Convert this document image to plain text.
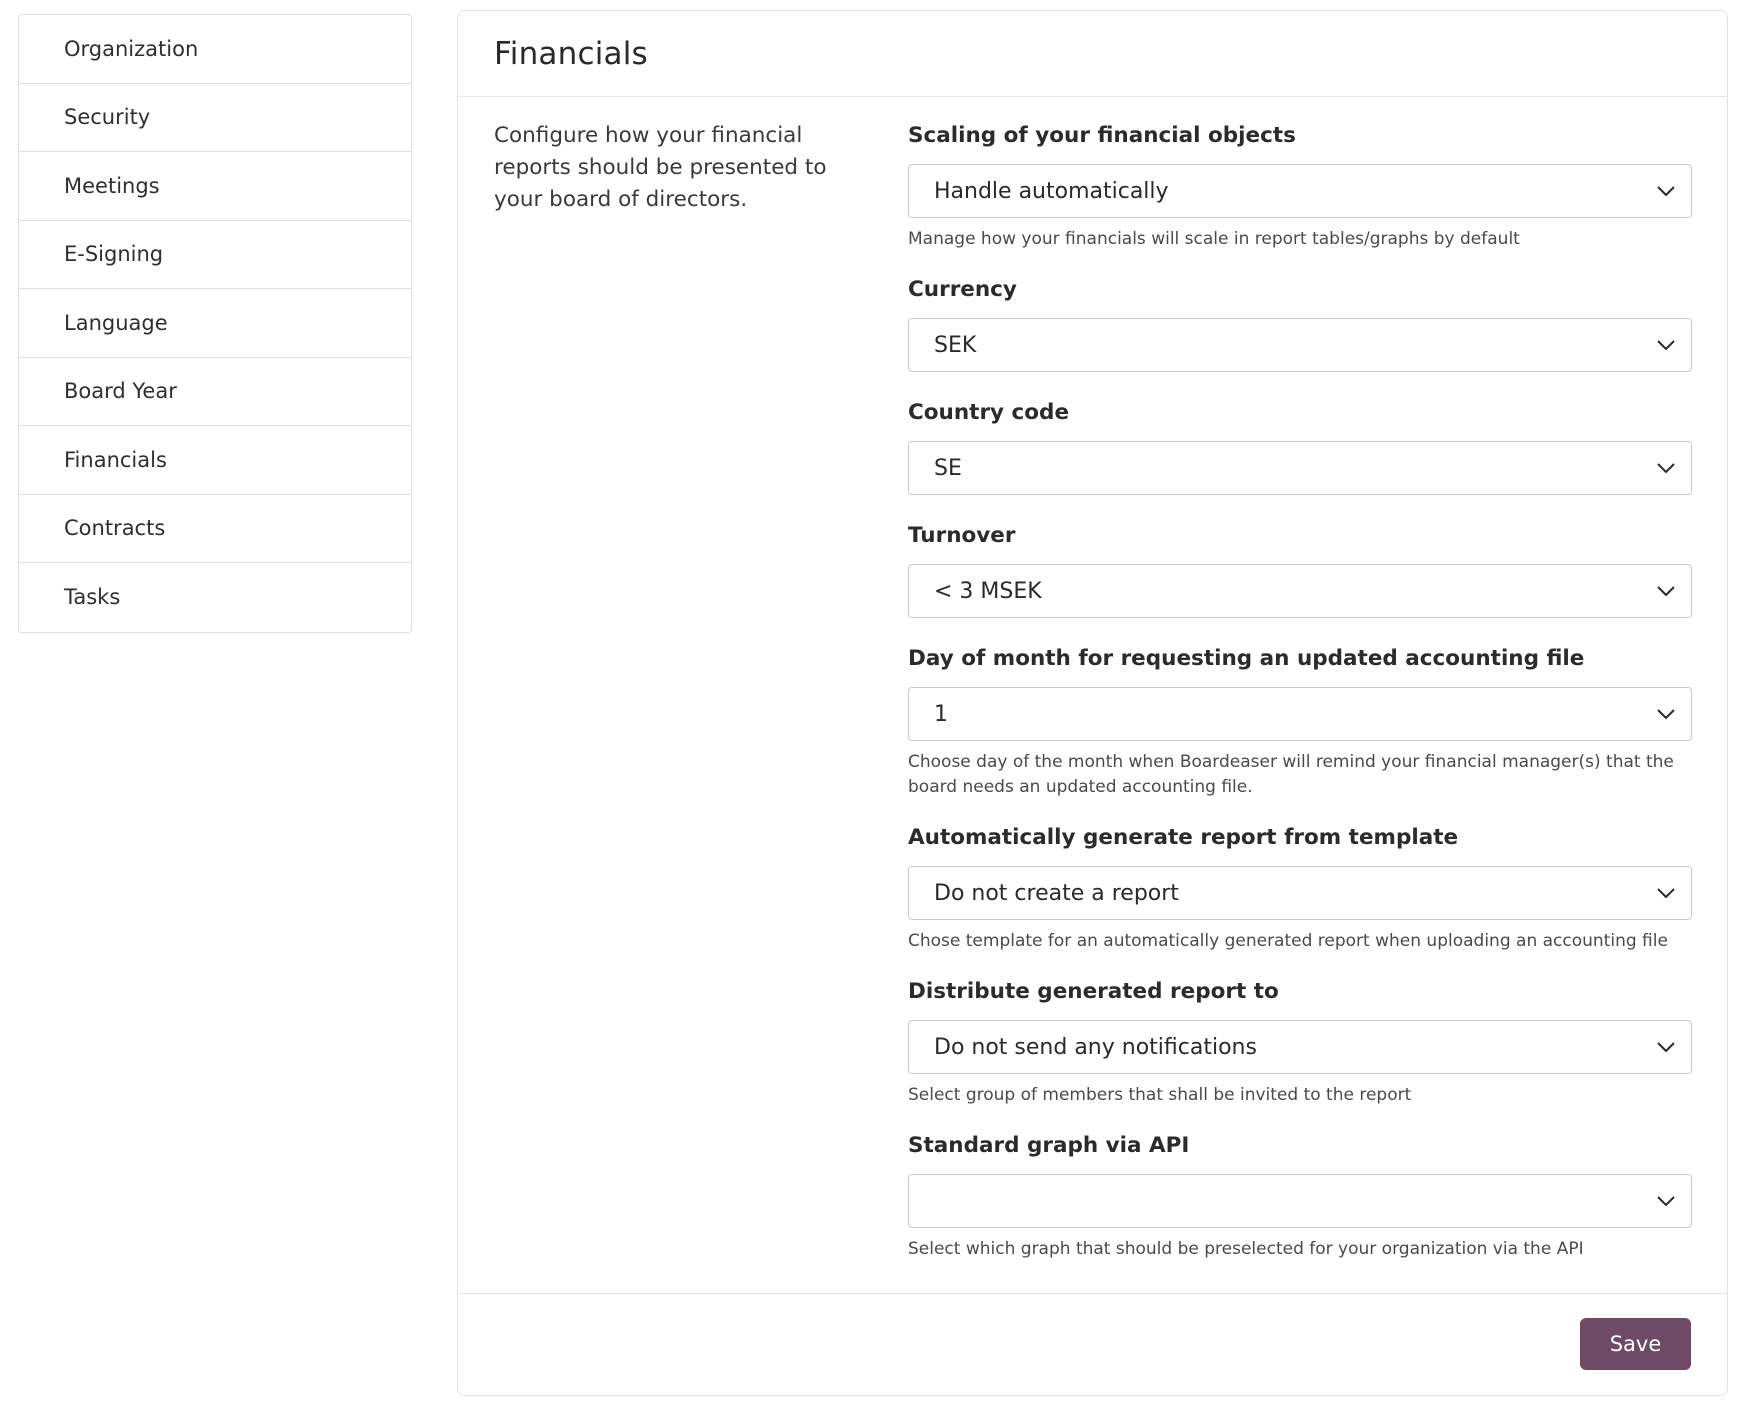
Organization
Security
Meetings
E-Signing
Language
Board Year
Financials
Contracts
Tasks
Financials

Configure how your financial reports should be presented to your board of directors.

Scaling of your financial objects
Handle automatically
Manage how your financials will scale in report tables/graphs by default
Currency
SEK
Country code
SE
Turnover
< 3 MSEK
Day of month for requesting an updated accounting file
1
Choose day of the month when Boardeaser will remind your financial manager(s) that the board needs an updated accounting file.
Automatically generate report from template
Do not create a report
Chose template for an automatically generated report when uploading an accounting file
Distribute generated report to
Do not send any notifications
Select group of members that shall be invited to the report
Standard graph via API
Select which graph that should be preselected for your organization via the API
Save
